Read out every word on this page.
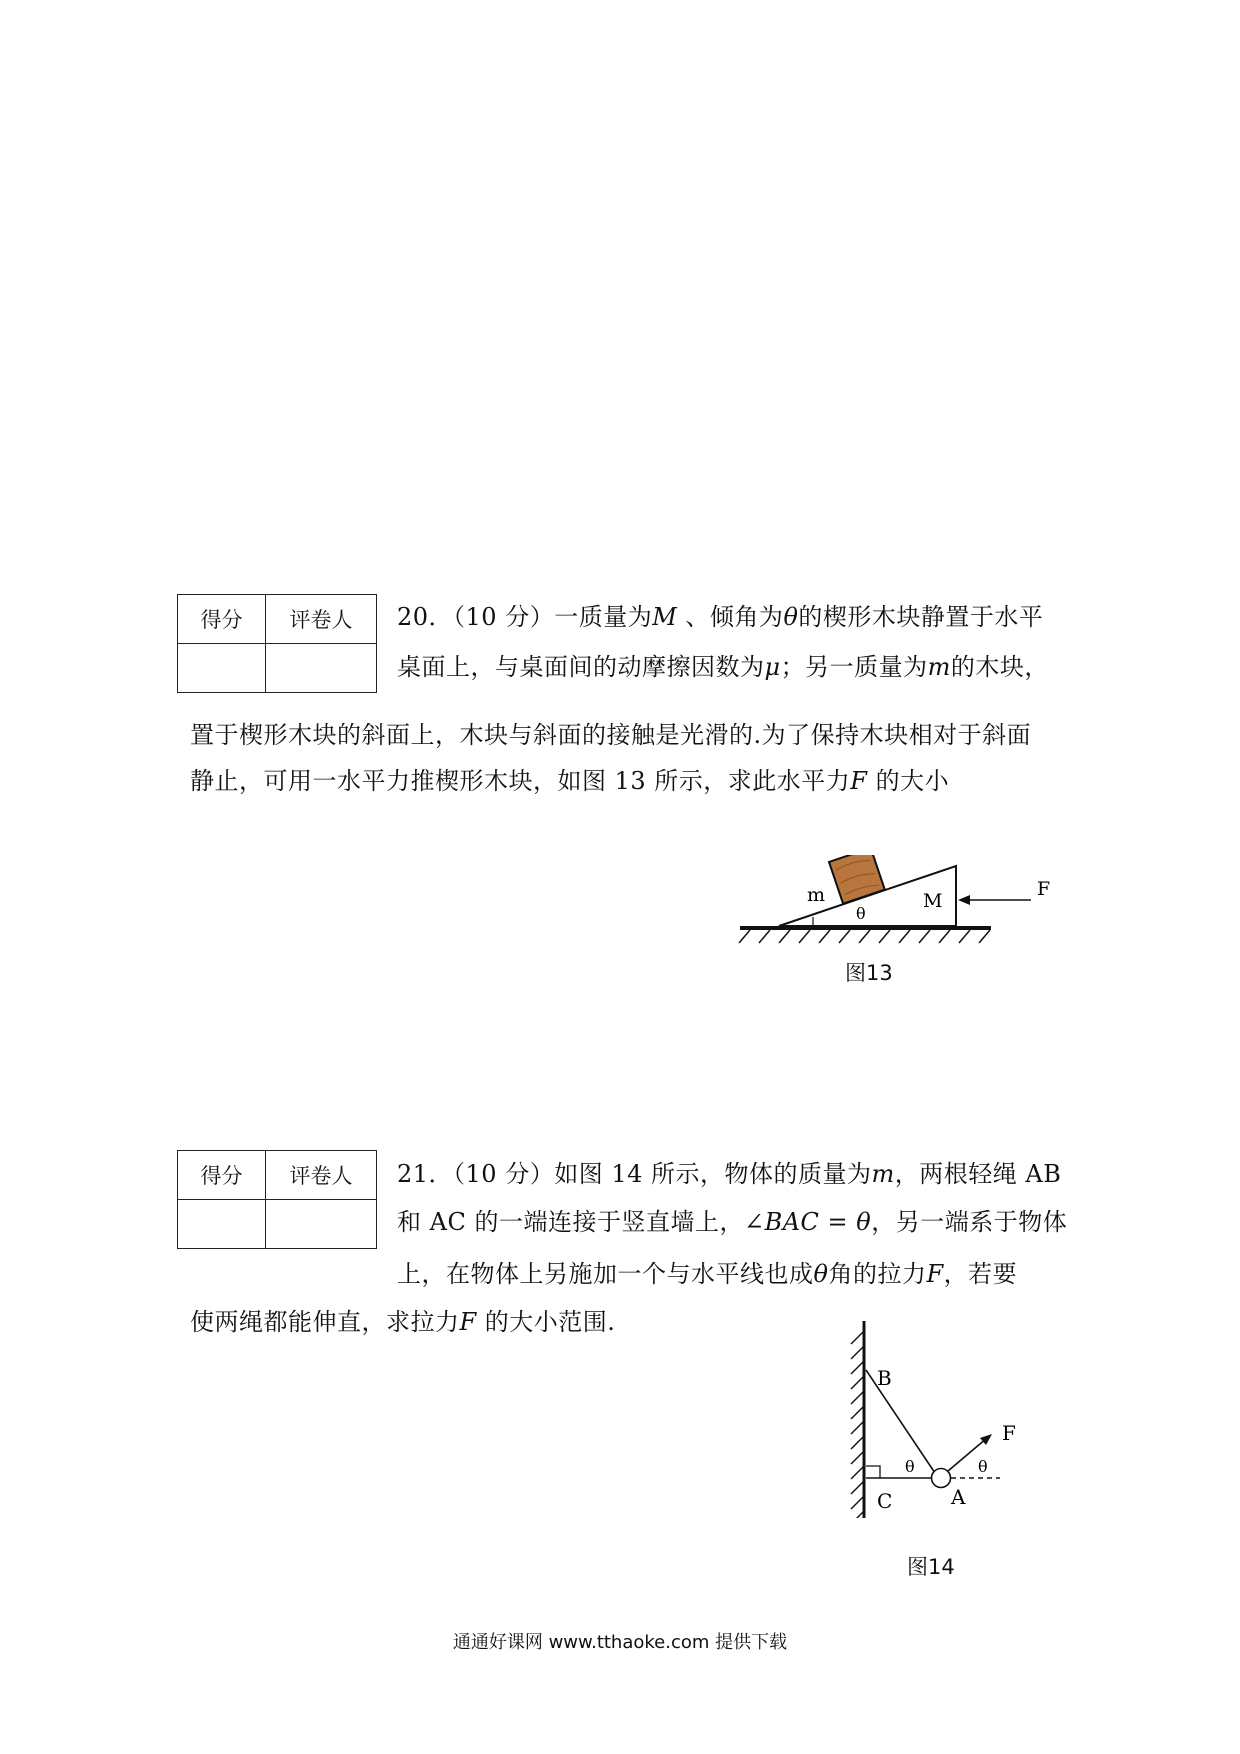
得分	评卷人
	20．（10 分）一质量为M 、倾角为θ的楔形木块静置于水平
桌面上，与桌面间的动摩擦因数为μ；另一质量为m的木块，
置于楔形木块的斜面上，木块与斜面的接触是光滑的.为了保持木块相对于斜面
静止，可用一水平力推楔形木块，如图 13 所示，求此水平力F 的大小
m
θ
M
F
图13
得分	评卷人
	21．（10 分）如图 14 所示，物体的质量为m，两根轻绳 AB
和 AC 的一端连接于竖直墙上，∠BAC = θ，另一端系于物体
上，在物体上另施加一个与水平线也成θ角的拉力F，若要
使两绳都能伸直，求拉力F 的大小范围.
B
C	A
F
θ	θ
图14
通通好课网 www.tthaoke.com 提供下载
